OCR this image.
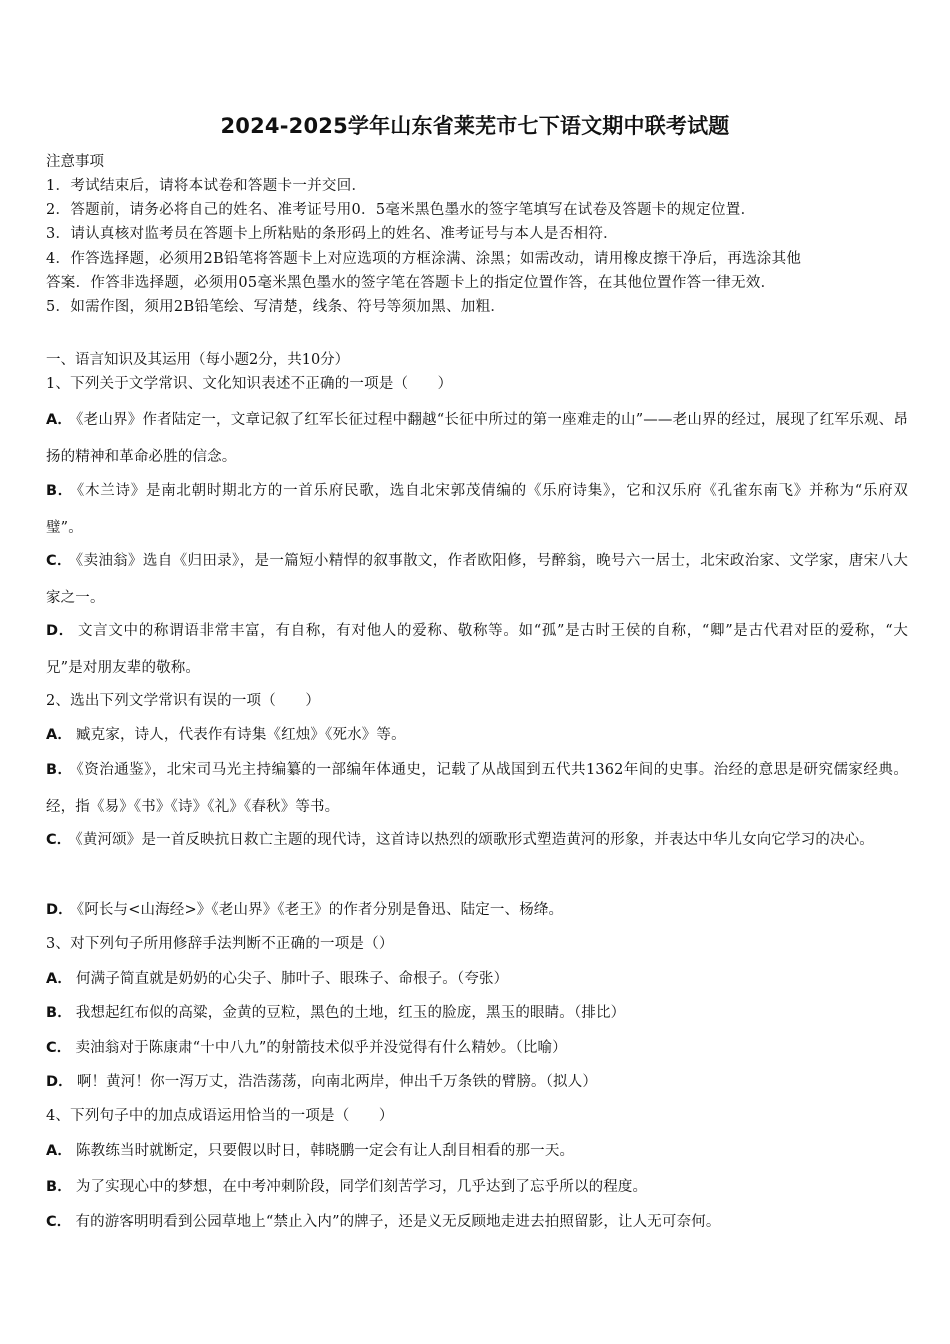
2024-2025学年山东省莱芜市七下语文期中联考试题
注意事项
1．考试结束后，请将本试卷和答题卡一并交回．
2．答题前，请务必将自己的姓名、准考证号用0．5毫米黑色墨水的签字笔填写在试卷及答题卡的规定位置．
3．请认真核对监考员在答题卡上所粘贴的条形码上的姓名、准考证号与本人是否相符．
4．作答选择题，必须用2B铅笔将答题卡上对应选项的方框涂满、涂黑；如需改动，请用橡皮擦干净后，再选涂其他
答案．作答非选择题，必须用05毫米黑色墨水的签字笔在答题卡上的指定位置作答，在其他位置作答一律无效．
5．如需作图，须用2B铅笔绘、写清楚，线条、符号等须加黑、加粗．
一、语言知识及其运用（每小题2分，共10分）
1、下列关于文学常识、文化知识表述不正确的一项是（　　）
A． 《老山界》作者陆定一，文章记叙了红军长征过程中翻越“长征中所过的第一座难走的山”——老山界的经过，展现了红军乐观、昂扬的精神和革命必胜的信念。
B． 《木兰诗》是南北朝时期北方的一首乐府民歌，选自北宋郭茂倩编的《乐府诗集》，它和汉乐府《孔雀东南飞》并称为“乐府双璧”。
C． 《卖油翁》选自《归田录》，是一篇短小精悍的叙事散文，作者欧阳修，号醉翁，晚号六一居士，北宋政治家、文学家，唐宋八大家之一。
D． 文言文中的称谓语非常丰富，有自称，有对他人的爱称、敬称等。如“孤”是古时王侯的自称，“卿”是古代君对臣的爱称，“大兄”是对朋友辈的敬称。
2、选出下列文学常识有误的一项（　　）
A． 臧克家，诗人，代表作有诗集《红烛》《死水》等。
B． 《资治通鉴》，北宋司马光主持编纂的一部编年体通史，记载了从战国到五代共1362年间的史事。治经的意思是研究儒家经典。经，指《易》《书》《诗》《礼》《春秋》等书。
C． 《黄河颂》是一首反映抗日救亡主题的现代诗，这首诗以热烈的颂歌形式塑造黄河的形象，并表达中华儿女向它学习的决心。
D． 《阿长与<山海经>》《老山界》《老王》的作者分别是鲁迅、陆定一、杨绛。
3、对下列句子所用修辞手法判断不正确的一项是（）
A． 何满子简直就是奶奶的心尖子、肺叶子、眼珠子、命根子。（夸张）
B． 我想起红布似的高粱，金黄的豆粒，黑色的土地，红玉的脸庞，黑玉的眼睛。（排比）
C． 卖油翁对于陈康肃“十中八九”的射箭技术似乎并没觉得有什么精妙。（比喻）
D． 啊！黄河！你一泻万丈，浩浩荡荡，向南北两岸，伸出千万条铁的臂膀。（拟人）
4、下列句子中的加点成语运用恰当的一项是（　　）
A． 陈教练当时就断定，只要假以时日，韩晓鹏一定会有让人刮目相看的那一天。
B． 为了实现心中的梦想，在中考冲刺阶段，同学们刻苦学习，几乎达到了忘乎所以的程度。
C． 有的游客明明看到公园草地上“禁止入内”的牌子，还是义无反顾地走进去拍照留影，让人无可奈何。
